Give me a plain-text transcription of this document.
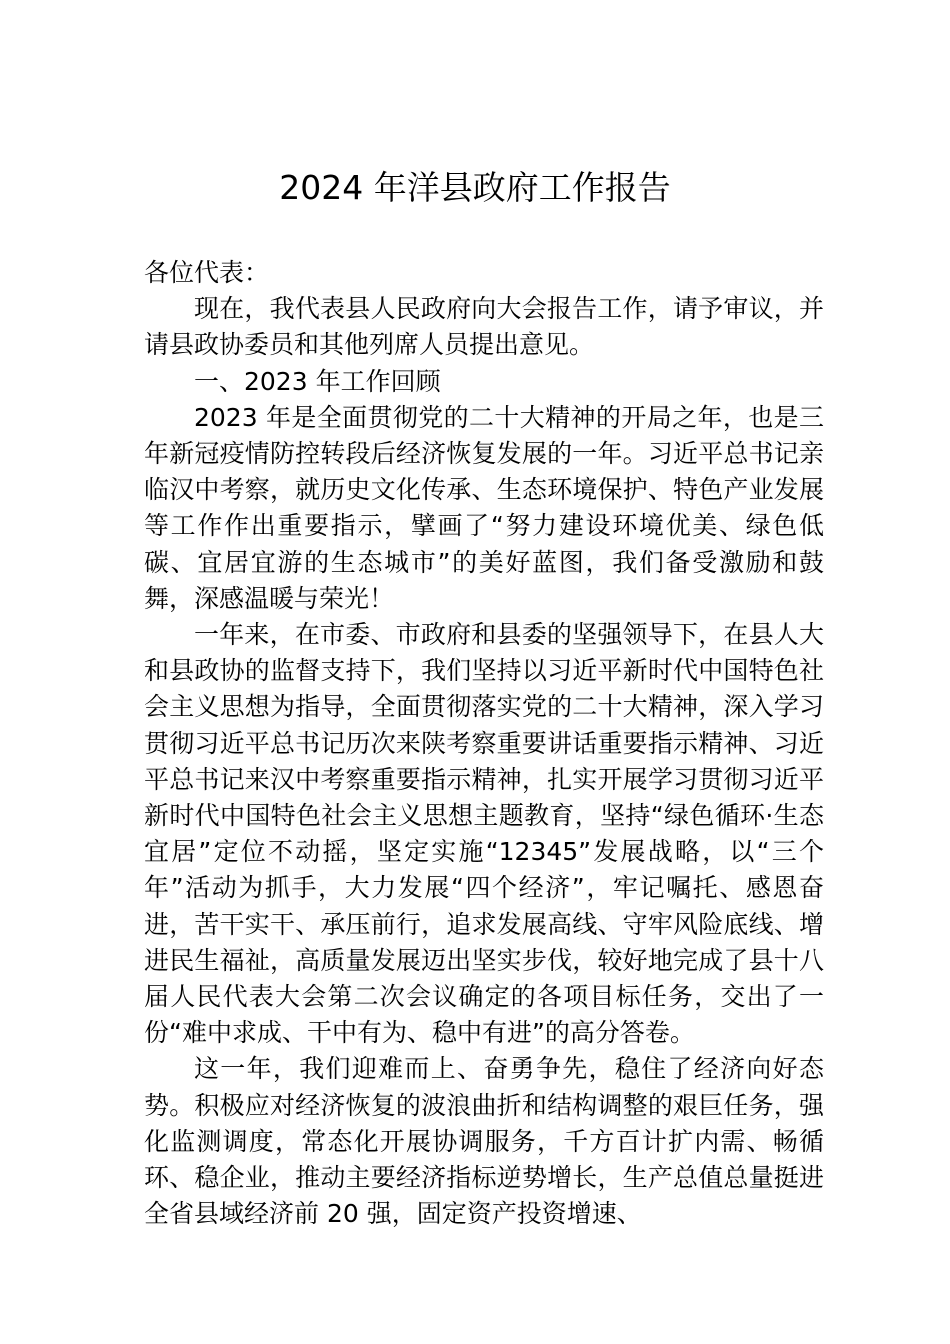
2024 年洋县政府工作报告

各位代表：

现在，我代表县人民政府向大会报告工作，请予审议，并请县政协委员和其他列席人员提出意见。

一、2023 年工作回顾

2023 年是全面贯彻党的二十大精神的开局之年，也是三年新冠疫情防控转段后经济恢复发展的一年。习近平总书记亲临汉中考察，就历史文化传承、生态环境保护、特色产业发展等工作作出重要指示，擘画了“努力建设环境优美、绿色低碳、宜居宜游的生态城市”的美好蓝图，我们备受激励和鼓舞，深感温暖与荣光！

一年来，在市委、市政府和县委的坚强领导下，在县人大和县政协的监督支持下，我们坚持以习近平新时代中国特色社会主义思想为指导，全面贯彻落实党的二十大精神，深入学习贯彻习近平总书记历次来陕考察重要讲话重要指示精神、习近平总书记来汉中考察重要指示精神，扎实开展学习贯彻习近平新时代中国特色社会主义思想主题教育，坚持“绿色循环·生态宜居”定位不动摇，坚定实施“12345”发展战略，以“三个年”活动为抓手，大力发展“四个经济”，牢记嘱托、感恩奋进，苦干实干、承压前行，追求发展高线、守牢风险底线、增进民生福祉，高质量发展迈出坚实步伐，较好地完成了县十八届人民代表大会第二次会议确定的各项目标任务，交出了一份“难中求成、干中有为、稳中有进”的高分答卷。

这一年，我们迎难而上、奋勇争先，稳住了经济向好态势。积极应对经济恢复的波浪曲折和结构调整的艰巨任务，强化监测调度，常态化开展协调服务，千方百计扩内需、畅循环、稳企业，推动主要经济指标逆势增长，生产总值总量挺进全省县域经济前 20 强，固定资产投资增速、
